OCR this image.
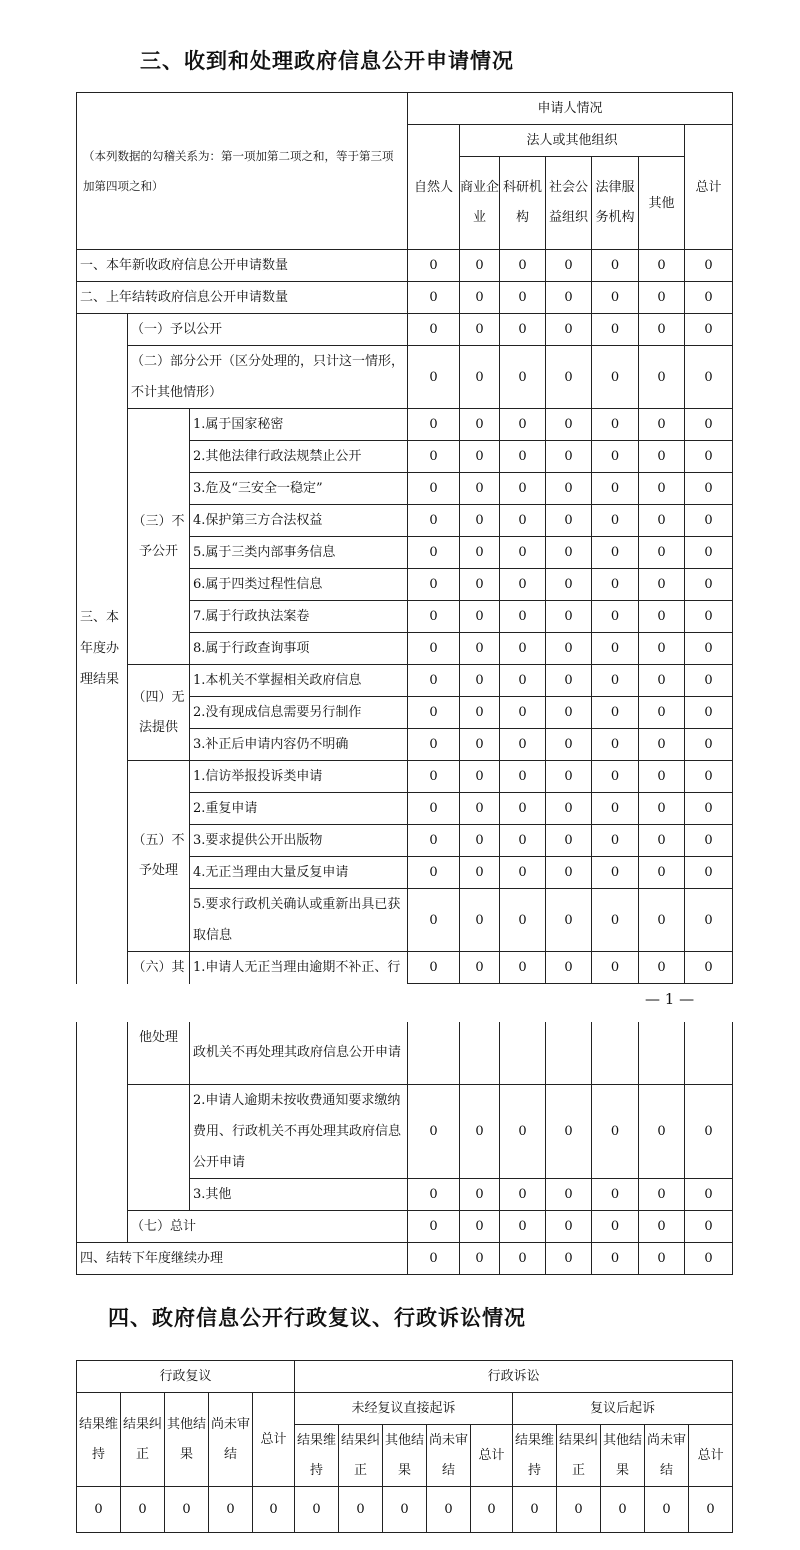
三、收到和处理政府信息公开申请情况
（本列数据的勾稽关系为：第一项加第二项之和，等于第三项加第四项之和）			申请人情况						
			自然人	法人或其他组织					总计
				商业企业	科研机构	社会公益组织	法律服务机构	其他	

一、本年新收政府信息公开申请数量			0	0	0	0	0	0	0
二、上年结转政府信息公开申请数量			0	0	0	0	0	0	0
三、本年度办理结果	（一）予以公开		0	0	0	0	0	0	0
	（二）部分公开（区分处理的，只计这一情形，不计其他情形）		0	0	0	0	0	0	0
	（三）不予公开	1.属于国家秘密	0	0	0	0	0	0	0
		2.其他法律行政法规禁止公开	0	0	0	0	0	0	0
		3.危及“三安全一稳定”	0	0	0	0	0	0	0
		4.保护第三方合法权益	0	0	0	0	0	0	0
		5.属于三类内部事务信息	0	0	0	0	0	0	0
		6.属于四类过程性信息	0	0	0	0	0	0	0
		7.属于行政执法案卷	0	0	0	0	0	0	0
		8.属于行政查询事项	0	0	0	0	0	0	0
	（四）无法提供	1.本机关不掌握相关政府信息	0	0	0	0	0	0	0
		2.没有现成信息需要另行制作	0	0	0	0	0	0	0
		3.补正后申请内容仍不明确	0	0	0	0	0	0	0
	（五）不予处理	1.信访举报投诉类申请	0	0	0	0	0	0	0
		2.重复申请	0	0	0	0	0	0	0
		3.要求提供公开出版物	0	0	0	0	0	0	0
		4.无正当理由大量反复申请	0	0	0	0	0	0	0
		5.要求行政机关确认或重新出具已获取信息	0	0	0	0	0	0	0
	（六）其	1.申请人无正当理由逾期不补正、行	0	0	0	0	0	0	0
— 1 —
	他处理	政机关不再处理其政府信息公开申请							
		2.申请人逾期未按收费通知要求缴纳费用、行政机关不再处理其政府信息公开申请	0	0	0	0	0	0	0
		3.其他	0	0	0	0	0	0	0
	（七）总计		0	0	0	0	0	0	0
四、结转下年度继续办理			0	0	0	0	0	0	0
四、政府信息公开行政复议、行政诉讼情况
行政复议					行政诉讼									
结果维持	结果纠正	其他结果	尚未审结	总计	未经复议直接起诉					复议后起诉				
					结果维持	结果纠正	其他结果	尚未审结	总计	结果维持	结果纠正	其他结果	尚未审结	总计
0	0	0	0	0	0	0	0	0	0	0	0	0	0	0
